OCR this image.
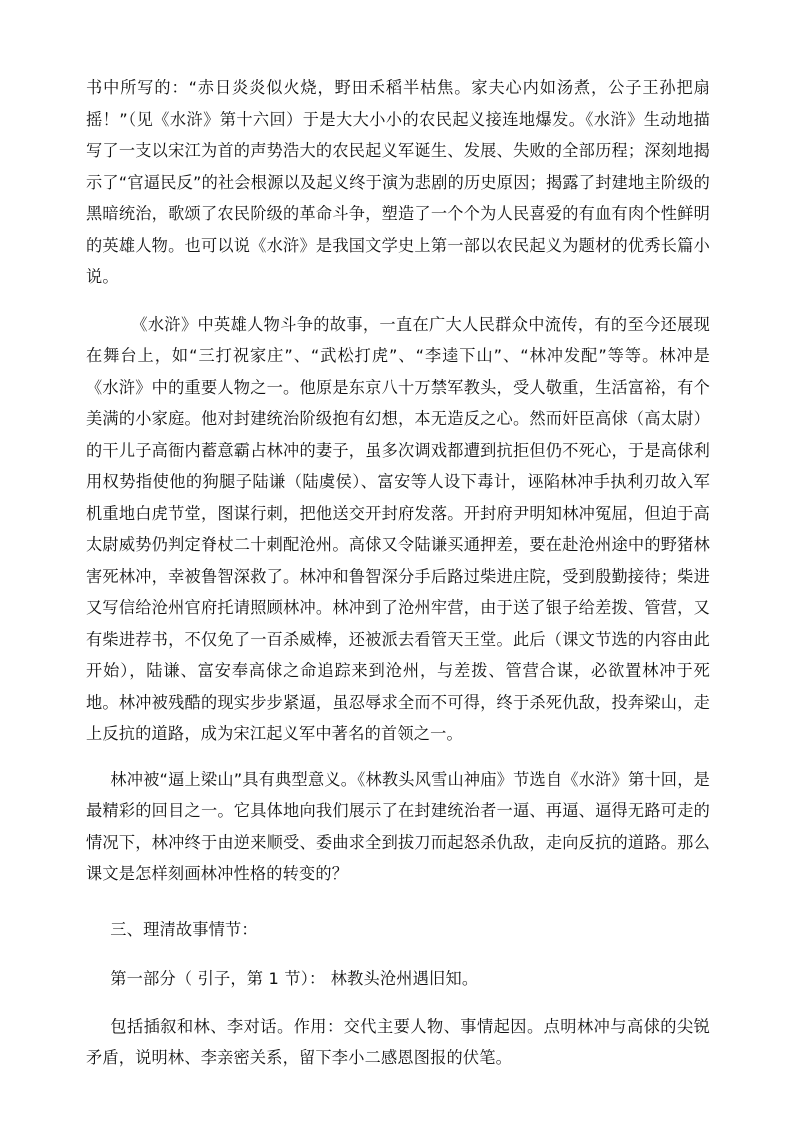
书中所写的：“赤日炎炎似火烧，野田禾稻半枯焦。家夫心内如汤煮，公子王孙把扇摇！”（见《水浒》第十六回）于是大大小小的农民起义接连地爆发。《水浒》生动地描写了一支以宋江为首的声势浩大的农民起义军诞生、发展、失败的全部历程；深刻地揭示了“官逼民反”的社会根源以及起义终于演为悲剧的历史原因；揭露了封建地主阶级的黑暗统治，歌颂了农民阶级的革命斗争，塑造了一个个为人民喜爱的有血有肉个性鲜明的英雄人物。也可以说《水浒》是我国文学史上第一部以农民起义为题材的优秀长篇小说。

《水浒》中英雄人物斗争的故事，一直在广大人民群众中流传，有的至今还展现在舞台上，如“三打祝家庄”、“武松打虎”、“李逵下山”、“林冲发配”等等。林冲是《水浒》中的重要人物之一。他原是东京八十万禁军教头，受人敬重，生活富裕，有个美满的小家庭。他对封建统治阶级抱有幻想，本无造反之心。然而奸臣高俅（高太尉）的干儿子高衙内蓄意霸占林冲的妻子，虽多次调戏都遭到抗拒但仍不死心，于是高俅利用权势指使他的狗腿子陆谦（陆虞侯）、富安等人设下毒计，诬陷林冲手执利刃故入军机重地白虎节堂，图谋行刺，把他送交开封府发落。开封府尹明知林冲冤屈，但迫于高太尉威势仍判定脊杖二十刺配沧州。高俅又令陆谦买通押差，要在赴沧州途中的野猪林害死林冲，幸被鲁智深救了。林冲和鲁智深分手后路过柴进庄院，受到殷勤接待；柴进又写信给沧州官府托请照顾林冲。林冲到了沧州牢营，由于送了银子给差拨、管营，又有柴进荐书，不仅免了一百杀威棒，还被派去看管天王堂。此后（课文节选的内容由此开始），陆谦、富安奉高俅之命追踪来到沧州，与差拨、管营合谋，必欲置林冲于死地。林冲被残酷的现实步步紧逼，虽忍辱求全而不可得，终于杀死仇敌，投奔梁山，走上反抗的道路，成为宋江起义军中著名的首领之一。

林冲被“逼上梁山”具有典型意义。《林教头风雪山神庙》节选自《水浒》第十回，是最精彩的回目之一。它具体地向我们展示了在封建统治者一逼、再逼、逼得无路可走的情况下，林冲终于由逆来顺受、委曲求全到拔刀而起怒杀仇敌，走向反抗的道路。那么课文是怎样刻画林冲性格的转变的？

三、理清故事情节：

第一部分（ 引子，第 1 节）： 林教头沧州遇旧知。

包括插叙和林、李对话。作用：交代主要人物、事情起因。点明林冲与高俅的尖锐矛盾，说明林、李亲密关系，留下李小二感恩图报的伏笔。
